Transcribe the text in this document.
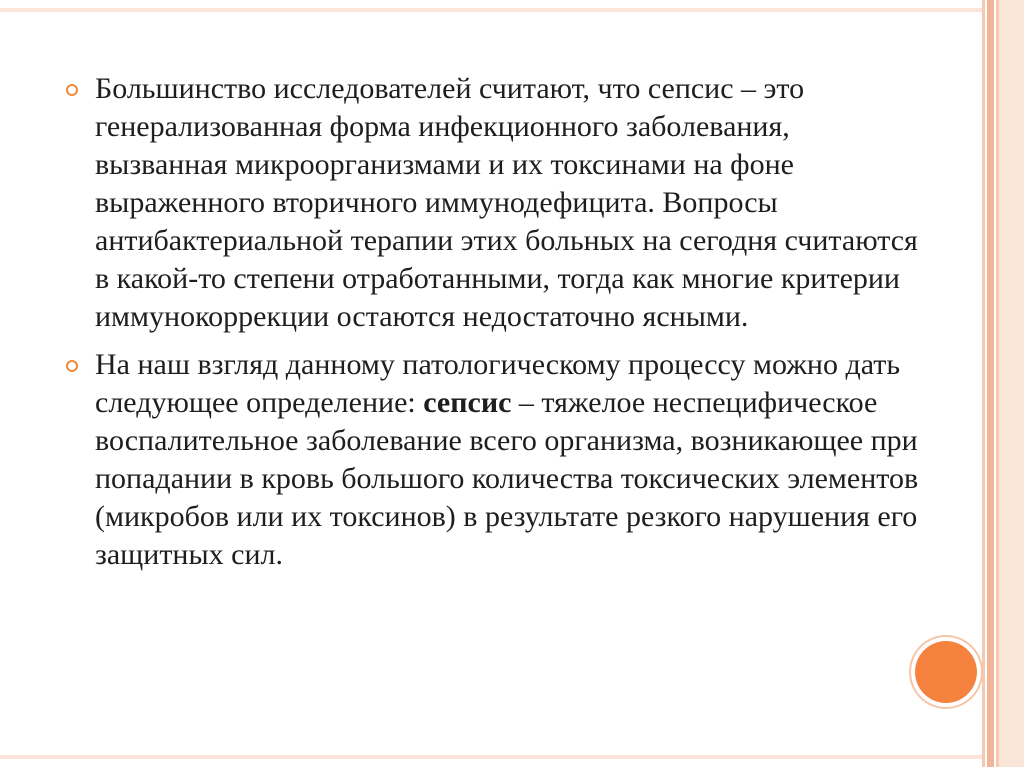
Большинство исследователей считают, что сепсис – это генерализованная форма инфекционного заболевания, вызванная микроорганизмами и их токсинами на фоне выраженного вторичного иммунодефицита. Вопросы антибактериальной терапии этих больных на сегодня считаются в какой-то степени отработанными, тогда как многие критерии иммунокоррекции остаются недостаточно ясными.

На наш взгляд данному патологическому процессу можно дать следующее определение: сепсис – тяжелое неспецифическое воспалительное заболевание всего организма, возникающее при попадании в кровь большого количества токсических элементов (микробов или их токсинов) в результате резкого нарушения его защитных сил.
